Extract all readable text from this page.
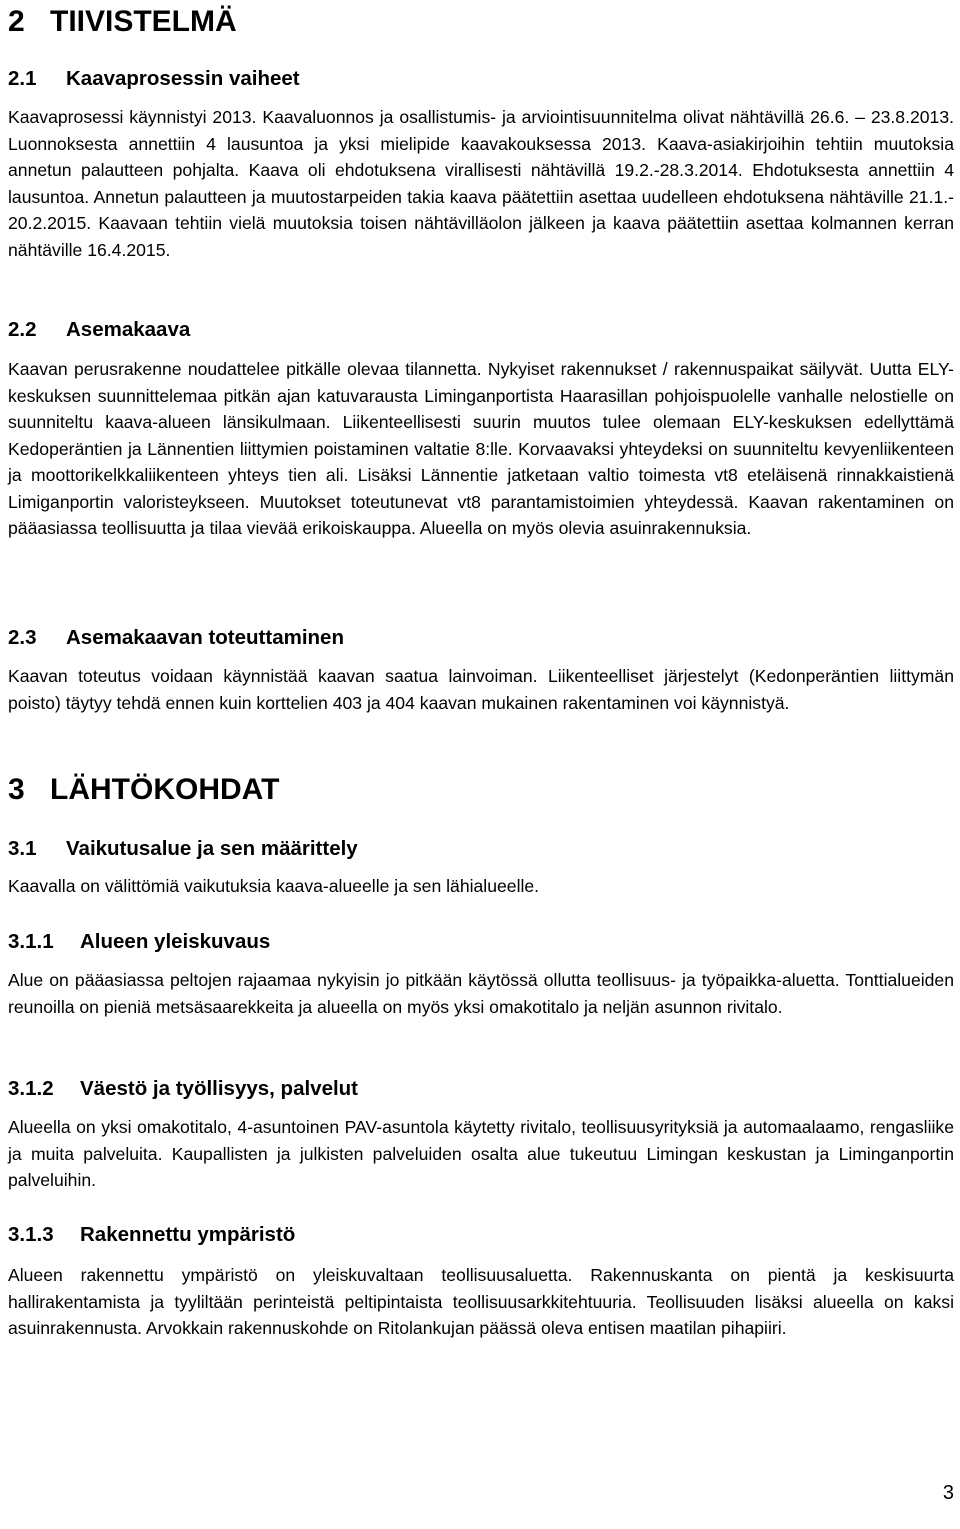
2 TIIVISTELMÄ
2.1 Kaavaprosessin vaiheet

Kaavaprosessi käynnistyi 2013. Kaavaluonnos ja osallistumis- ja arviointisuunnitelma olivat nähtävillä 26.6. – 23.8.2013. Luonnoksesta annettiin 4 lausuntoa ja yksi mielipide kaavakouksessa 2013. Kaava-asiakirjoihin tehtiin muutoksia annetun palautteen pohjalta. Kaava oli ehdotuksena virallisesti nähtävillä 19.2.-28.3.2014. Ehdotuksesta annettiin 4 lausuntoa. Annetun palautteen ja muutostarpeiden takia kaava päätettiin asettaa uudelleen ehdotuksena nähtäville 21.1.- 20.2.2015. Kaavaan tehtiin vielä muutoksia toisen nähtävilläolon jälkeen ja kaava päätettiin asettaa kolmannen kerran nähtäville 16.4.2015.

2.2 Asemakaava

Kaavan perusrakenne noudattelee pitkälle olevaa tilannetta. Nykyiset rakennukset / rakennuspaikat säilyvät. Uutta ELY-keskuksen suunnittelemaa pitkän ajan katuvarausta Liminganportista Haarasillan pohjoispuolelle vanhalle nelostielle on suunniteltu kaava-alueen länsikulmaan. Liikenteellisesti suurin muutos tulee olemaan ELY-keskuksen edellyttämä Kedoperäntien ja Lännentien liittymien poistaminen valtatie 8:lle. Korvaavaksi yhteydeksi on suunniteltu kevyenliikenteen ja moottorikelkkaliikenteen yhteys tien ali. Lisäksi Lännentie jatketaan valtio toimesta vt8 eteläisenä rinnakkaistienä Limiganportin valoristeykseen. Muutokset toteutunevat vt8 parantamistoimien yhteydessä. Kaavan rakentaminen on pääasiassa teollisuutta ja tilaa vievää erikoiskauppa. Alueella on myös olevia asuinrakennuksia.

2.3 Asemakaavan toteuttaminen

Kaavan toteutus voidaan käynnistää kaavan saatua lainvoiman. Liikenteelliset järjestelyt (Kedonperäntien liittymän poisto) täytyy tehdä ennen kuin korttelien 403 ja 404 kaavan mukainen rakentaminen voi käynnistyä.

3 LÄHTÖKOHDAT
3.1 Vaikutusalue ja sen määrittely

Kaavalla on välittömiä vaikutuksia kaava-alueelle ja sen lähialueelle.

3.1.1 Alueen yleiskuvaus

Alue on pääasiassa peltojen rajaamaa nykyisin jo pitkään käytössä ollutta teollisuus- ja työpaikka-aluetta. Tonttialueiden reunoilla on pieniä metsäsaarekkeita ja alueella on myös yksi omakotitalo ja neljän asunnon rivitalo.

3.1.2 Väestö ja työllisyys, palvelut

Alueella on yksi omakotitalo, 4-asuntoinen PAV-asuntola käytetty rivitalo, teollisuusyrityksiä ja automaalaamo, rengasliike ja muita palveluita. Kaupallisten ja julkisten palveluiden osalta alue tukeutuu Limingan keskustan ja Liminganportin palveluihin.

3.1.3 Rakennettu ympäristö

Alueen rakennettu ympäristö on yleiskuvaltaan teollisuusaluetta. Rakennuskanta on pientä ja keskisuurta hallirakentamista ja tyyliltään perinteistä peltipintaista teollisuusarkkitehtuuria. Teollisuuden lisäksi alueella on kaksi asuinrakennusta. Arvokkain rakennuskohde on Ritolankujan päässä oleva entisen maatilan pihapiiri.

3
